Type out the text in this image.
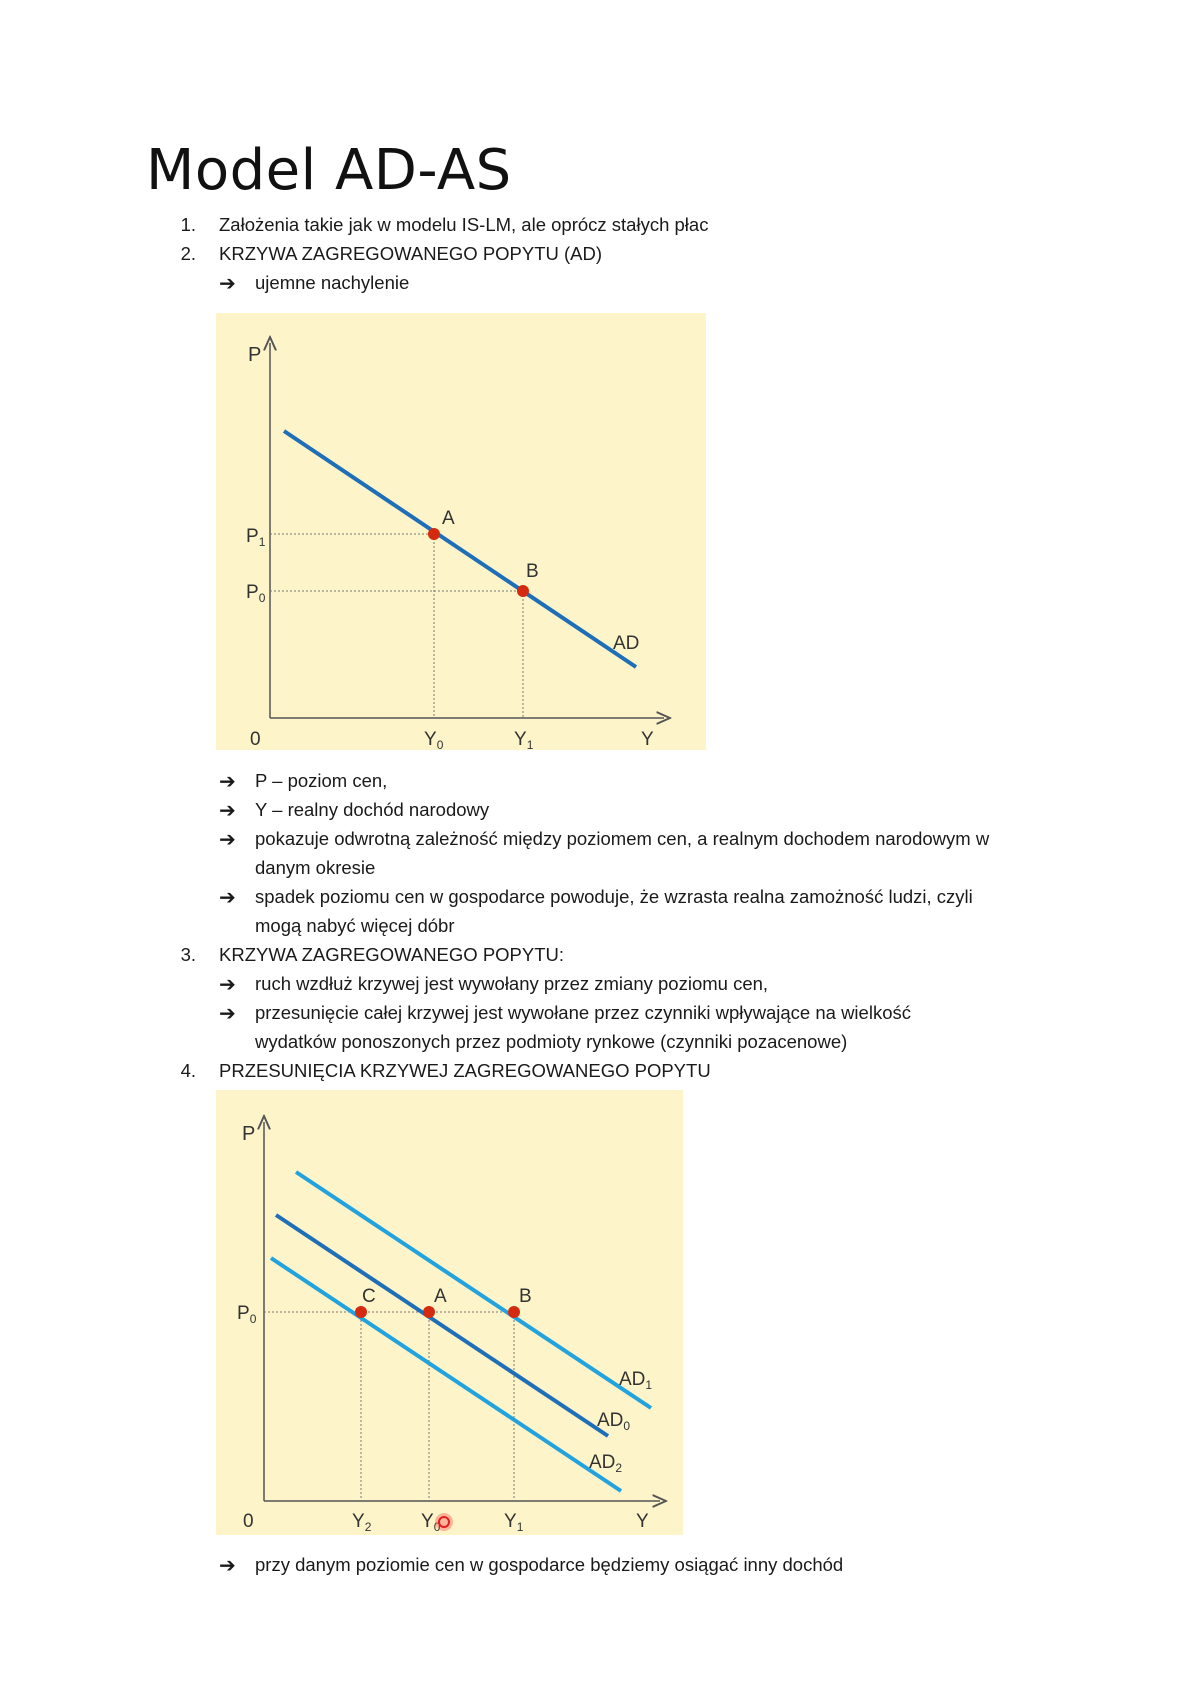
Model AD-AS
1. Założenia takie jak w modelu IS-LM, ale oprócz stałych płac
2. KRZYWA ZAGREGOWANEGO POPYTU (AD)
➔ ujemne nachylenie
P
$P_1$
$P_0$
A
B
AD
0	$Y_0$	$Y_1$	Y
➔ P – poziom cen,
➔ Y – realny dochód narodowy
➔ pokazuje odwrotną zależność między poziomem cen, a realnym dochodem narodowym w
danym okresie
➔ spadek poziomu cen w gospodarce powoduje, że wzrasta realna zamożność ludzi, czyli
mogą nabyć więcej dóbr
3. KRZYWA ZAGREGOWANEGO POPYTU:
➔ ruch wzdłuż krzywej jest wywołany przez zmiany poziomu cen,
➔ przesunięcie całej krzywej jest wywołane przez czynniki wpływające na wielkość
wydatków ponoszonych przez podmioty rynkowe (czynniki pozacenowe)
4. PRZESUNIĘCIA KRZYWEJ ZAGREGOWANEGO POPYTU
P
$P_0$
C	A	B
$AD_1$
$AD_0$
$AD_2$
0	$Y_2$	$Y_0$	$Y_1$	Y
➔ przy danym poziomie cen w gospodarce będziemy osiągać inny dochód
